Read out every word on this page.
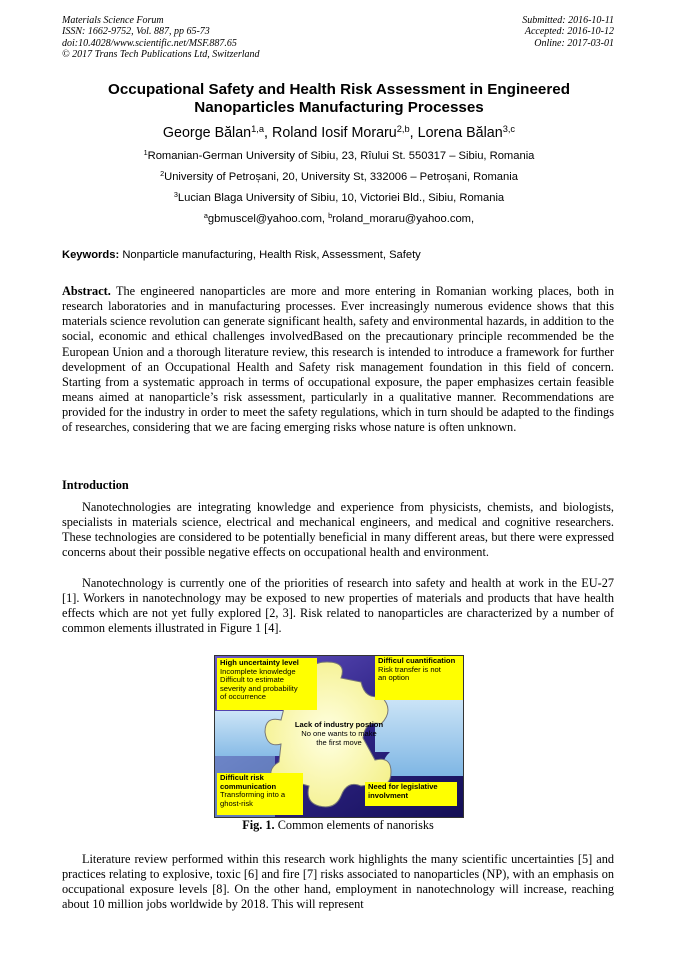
Materials Science Forum
ISSN: 1662-9752, Vol. 887, pp 65-73
doi:10.4028/www.scientific.net/MSF.887.65
© 2017 Trans Tech Publications Ltd, Switzerland
Submitted: 2016-10-11
Accepted: 2016-10-12
Online: 2017-03-01
Occupational Safety and Health Risk Assessment in Engineered
Nanoparticles Manufacturing Processes
George Bălan$^{1,a}$, Roland Iosif Moraru$^{2,b}$, Lorena Bălan$^{3,c}$
$^1$Romanian-German University of Sibiu, 23, Rîului St. 550317 – Sibiu, Romania
$^2$University of Petroșani, 20, University St, 332006 – Petroșani, Romania
$^3$Lucian Blaga University of Sibiu, 10, Victoriei Bld., Sibiu, Romania
$^a$gbmuscel@yahoo.com, $^b$roland_moraru@yahoo.com,
Keywords: Nonparticle manufacturing, Health Risk, Assessment, Safety
Abstract. The engineered nanoparticles are more and more entering in Romanian working places, both in research laboratories and in manufacturing processes. Ever increasingly numerous evidence shows that this materials science revolution can generate significant health, safety and environmental hazards, in addition to the social, economic and ethical challenges involvedBased on the precautionary principle recommended be the European Union and a thorough literature review, this research is intended to introduce a framework for further development of an Occupational Health and Safety risk management foundation in this field of concern. Starting from a systematic approach in terms of occupational exposure, the paper emphasizes certain feasible means aimed at nanoparticle’s risk assessment, particularly in a qualitative manner. Recommendations are provided for the industry in order to meet the safety regulations, which in turn should be adapted to the findings of researches, considering that we are facing emerging risks whose nature is often unknown.
Introduction
Nanotechnologies are integrating knowledge and experience from physicists, chemists, and biologists, specialists in materials science, electrical and mechanical engineers, and medical and cognitive researchers. These technologies are considered to be potentially beneficial in many different areas, but there were expressed concerns about their possible negative effects on occupational health and environment.
Nanotechnology is currently one of the priorities of research into safety and health at work in the EU-27 [1]. Workers in nanotechnology may be exposed to new properties of materials and products that have health effects which are not yet fully explored [2, 3]. Risk related to nanoparticles are characterized by a number of common elements illustrated in Figure 1 [4].
High uncertainty level
Incomplete knowledge
Difficult to estimate
severity and probability
of occurrence
Difficul cuantification
Risk transfer is not
an option
Lack of industry postion
No one wants to make
the first move
Difficult risk communication
Transforming into a
ghost-risk
Need for legislative involvment
Fig. 1. Common elements of nanorisks
Literature review performed within this research work highlights the many scientific uncertainties [5] and practices relating to explosive, toxic [6] and fire [7] risks associated to nanoparticles (NP), with an emphasis on occupational exposure levels [8]. On the other hand, employment in nanotechnology will increase, reaching about 10 million jobs worldwide by 2018. This will represent
